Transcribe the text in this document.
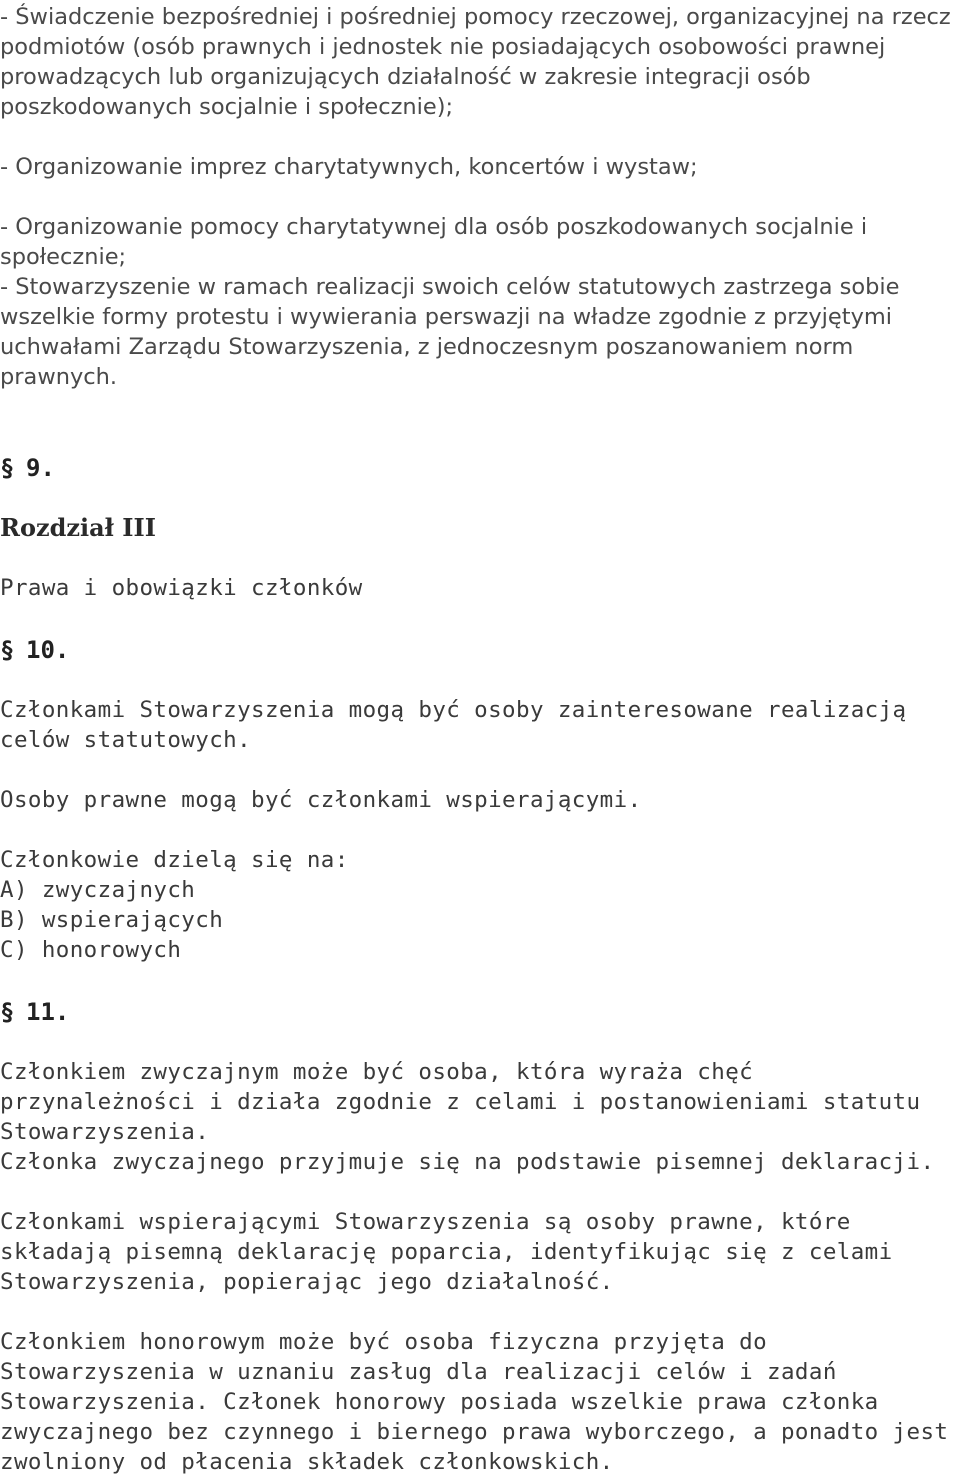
- Świadczenie bezpośredniej i pośredniej pomocy rzeczowej, organizacyjnej na rzecz podmiotów (osób prawnych i jednostek nie posiadających osobowości prawnej prowadzących lub organizujących działalność w zakresie integracji osób poszkodowanych socjalnie i społecznie);

- Organizowanie imprez charytatywnych, koncertów i wystaw;

- Organizowanie pomocy charytatywnej dla osób poszkodowanych socjalnie i społecznie;

- Stowarzyszenie w ramach realizacji swoich celów statutowych zastrzega sobie wszelkie formy protestu i wywierania perswazji na władze zgodnie z przyjętymi uchwałami Zarządu Stowarzyszenia, z jednoczesnym poszanowaniem norm prawnych.

§ 9.

Rozdział III

Prawa i obowiązki członków

§ 10.

Członkami Stowarzyszenia mogą być osoby zainteresowane realizacją celów statutowych.

Osoby prawne mogą być członkami wspierającymi.

Członkowie dzielą się na:

A) zwyczajnych

B) wspierających

C) honorowych

§ 11.

Członkiem zwyczajnym może być osoba, która wyraża chęć przynależności i działa zgodnie z celami i postanowieniami statutu Stowarzyszenia.

Członka zwyczajnego przyjmuje się na podstawie pisemnej deklaracji.

Członkami wspierającymi Stowarzyszenia są osoby prawne, które składają pisemną deklarację poparcia, identyfikując się z celami Stowarzyszenia, popierając jego działalność.

Członkiem honorowym może być osoba fizyczna przyjęta do Stowarzyszenia w uznaniu zasług dla realizacji celów i zadań Stowarzyszenia. Członek honorowy posiada wszelkie prawa członka zwyczajnego bez czynnego i biernego prawa wyborczego, a ponadto jest zwolniony od płacenia składek członkowskich.
